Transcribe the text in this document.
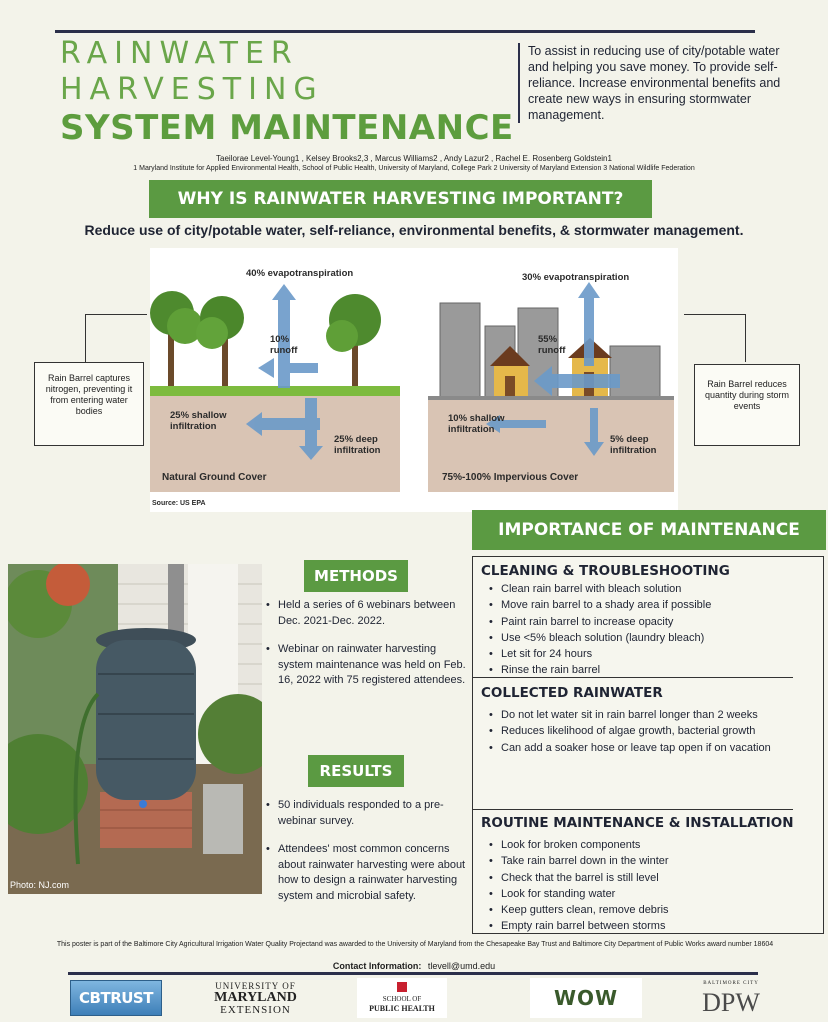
RAINWATER
HARVESTING
SYSTEM MAINTENANCE
To assist in reducing use of city/potable water and helping you save money. To provide self-reliance. Increase environmental benefits and create new ways in ensuring stormwater management.
Taeilorae Level-Young1 , Kelsey Brooks2,3 , Marcus Williams2 , Andy Lazur2 , Rachel E. Rosenberg Goldstein1
1 Maryland Institute for Applied Environmental Health, School of Public Health, University of Maryland, College Park 2 University of Maryland Extension 3 National Wildlife Federation
WHY IS RAINWATER HARVESTING IMPORTANT?
Reduce use of city/potable water, self-reliance, environmental benefits, & stormwater management.
40% evapotranspiration
10%
runoff
25% shallow
infiltration
25% deep
infiltration
Natural Ground Cover
30% evapotranspiration
55%
runoff
10% shallow
infiltration
5% deep
infiltration
75%-100% Impervious Cover
Source: US EPA
Rain Barrel captures nitrogen, preventing it from entering water bodies
Rain Barrel reduces quantity during storm events
Photo: NJ.com
METHODS
• Held a series of 6 webinars between Dec. 2021-Dec. 2022.
• Webinar on rainwater harvesting system maintenance was held on Feb. 16, 2022 with 75 registered attendees.
RESULTS
• 50 individuals responded to a pre-webinar survey.
• Attendees' most common concerns about rainwater harvesting were about how to design a rainwater harvesting system and microbial safety.
IMPORTANCE OF MAINTENANCE
CLEANING & TROUBLESHOOTING
• Clean rain barrel with bleach solution
• Move rain barrel to a shady area if possible
• Paint rain barrel to increase opacity
• Use <5% bleach solution (laundry bleach)
• Let sit for 24 hours
• Rinse the rain barrel
COLLECTED RAINWATER
• Do not let water sit in rain barrel longer than 2 weeks
• Reduces likelihood of algae growth, bacterial growth
• Can add a soaker hose or leave tap open if on vacation
ROUTINE MAINTENANCE & INSTALLATION
• Look for broken components
• Take rain barrel down in the winter
• Check that the barrel is still level
• Look for standing water
• Keep gutters clean, remove debris
• Empty rain barrel between storms
This poster is part of the Baltimore City Agricultural Irrigation Water Quality Projectand was awarded to the University of Maryland from the Chesapeake Bay Trust and Baltimore City Department of Public Works award number 18604
Contact Information: tlevell@umd.edu
CBTRUST
UNIVERSITY OF
MARYLAND
EXTENSION
SCHOOL OF
PUBLIC HEALTH	WOW
BALTIMORE CITY
DPW
